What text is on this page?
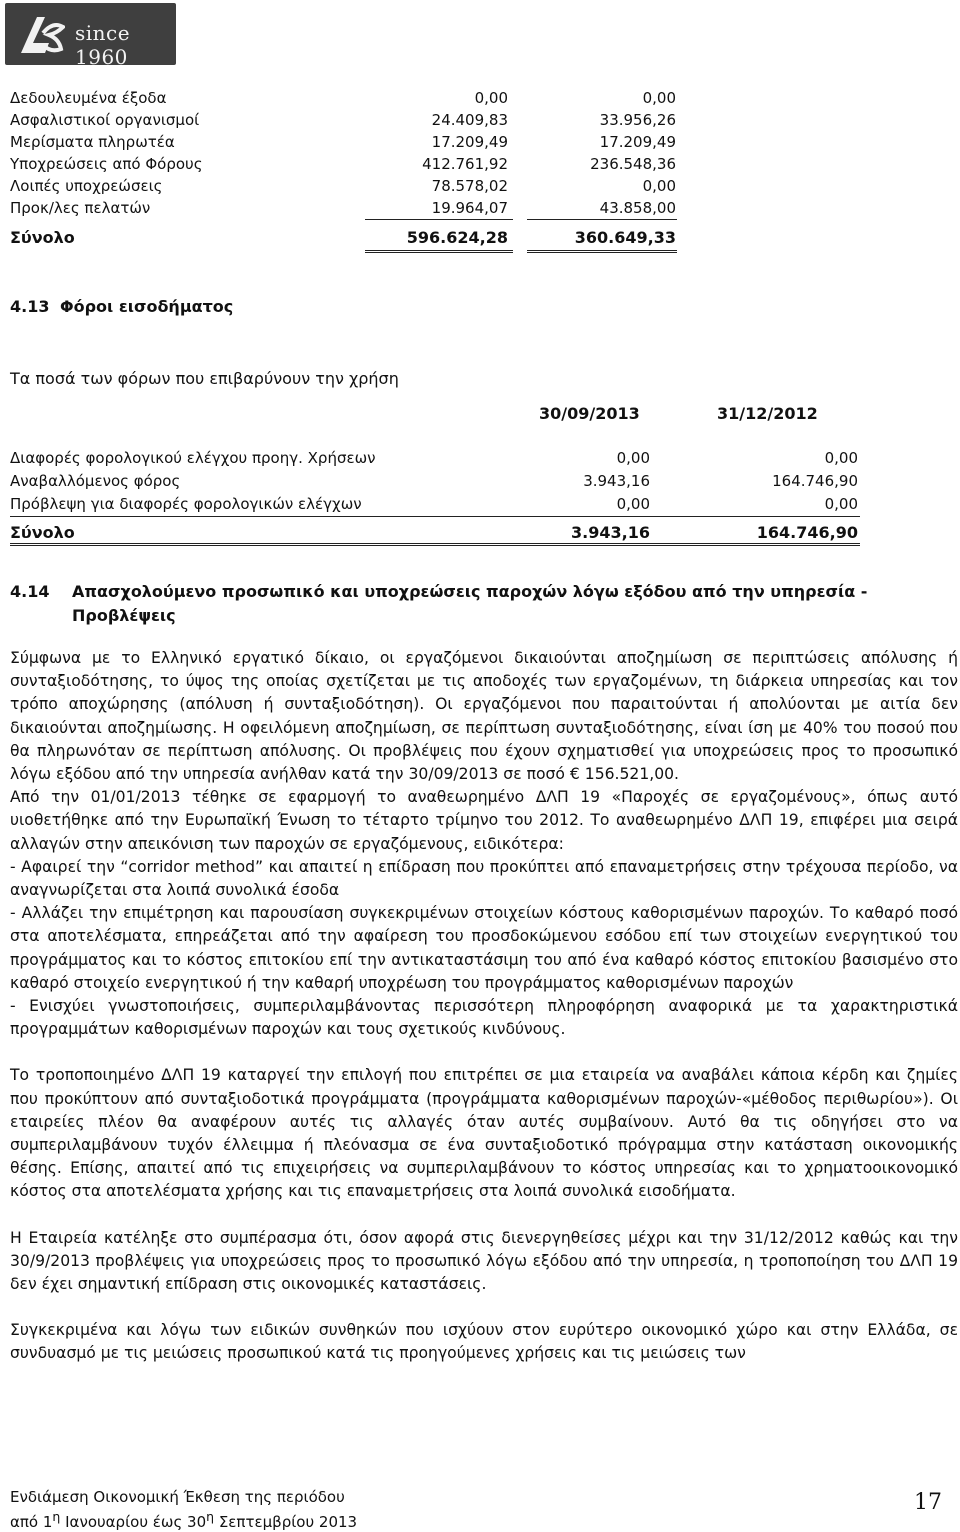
since 1960
Δεδουλευμένα έξοδα	0,00	0,00
Ασφαλιστικοί οργανισμοί	24.409,83	33.956,26
Μερίσματα πληρωτέα	17.209,49	17.209,49
Υποχρεώσεις από Φόρους	412.761,92	236.548,36
Λοιπές υποχρεώσεις	78.578,02	0,00
Προκ/λες πελατών	19.964,07	43.858,00
Σύνολο	596.624,28	360.649,33
4.13 Φόροι εισοδήματος
Τα ποσά των φόρων που επιβαρύνουν την χρήση
30/09/2013	31/12/2012
Διαφορές φορολογικού ελέγχου προηγ. Χρήσεων	0,00	0,00
Αναβαλλόμενος φόρος	3.943,16	164.746,90
Πρόβλεψη για διαφορές φορολογικών ελέγχων	0,00	0,00
Σύνολο	3.943,16	164.746,90
4.14 Απασχολούμενο προσωπικό και υποχρεώσεις παροχών λόγω εξόδου από την υπηρεσία - Προβλέψεις

Σύμφωνα με το Ελληνικό εργατικό δίκαιο, οι εργαζόμενοι δικαιούνται αποζημίωση σε περιπτώσεις απόλυσης ή συνταξιοδότησης, το ύψος της οποίας σχετίζεται με τις αποδοχές των εργαζομένων, τη διάρκεια υπηρεσίας και τον τρόπο αποχώρησης (απόλυση ή συνταξιοδότηση). Οι εργαζόμενοι που παραιτούνται ή απολύονται με αιτία δεν δικαιούνται αποζημίωσης. Η οφειλόμενη αποζημίωση, σε περίπτωση συνταξιοδότησης, είναι ίση με 40% του ποσού που θα πληρωνόταν σε περίπτωση απόλυσης. Οι προβλέψεις που έχουν σχηματισθεί για υποχρεώσεις προς το προσωπικό λόγω εξόδου από την υπηρεσία ανήλθαν κατά την 30/09/2013 σε ποσό € 156.521,00.

Από την 01/01/2013 τέθηκε σε εφαρμογή το αναθεωρημένο ΔΛΠ 19 «Παροχές σε εργαζομένους», όπως αυτό υιοθετήθηκε από την Ευρωπαϊκή Ένωση το τέταρτο τρίμηνο του 2012. Το αναθεωρημένο ΔΛΠ 19, επιφέρει μια σειρά αλλαγών στην απεικόνιση των παροχών σε εργαζόμενους, ειδικότερα:

- Αφαιρεί την “corridor method” και απαιτεί η επίδραση που προκύπτει από επαναμετρήσεις στην τρέχουσα περίοδο, να αναγνωρίζεται στα λοιπά συνολικά έσοδα

- Αλλάζει την επιμέτρηση και παρουσίαση συγκεκριμένων στοιχείων κόστους καθορισμένων παροχών. Το καθαρό ποσό στα αποτελέσματα, επηρεάζεται από την αφαίρεση του προσδοκώμενου εσόδου επί των στοιχείων ενεργητικού του προγράμματος και το κόστος επιτοκίου επί την αντικαταστάσιμη του από ένα καθαρό κόστος επιτοκίου βασισμένο στο καθαρό στοιχείο ενεργητικού ή την καθαρή υποχρέωση του προγράμματος καθορισμένων παροχών

- Ενισχύει γνωστοποιήσεις, συμπεριλαμβάνοντας περισσότερη πληροφόρηση αναφορικά με τα χαρακτηριστικά προγραμμάτων καθορισμένων παροχών και τους σχετικούς κινδύνους.

Το τροποποιημένο ΔΛΠ 19 καταργεί την επιλογή που επιτρέπει σε μια εταιρεία να αναβάλει κάποια κέρδη και ζημίες που προκύπτουν από συνταξιοδοτικά προγράμματα (προγράμματα καθορισμένων παροχών-«μέθοδος περιθωρίου»). Οι εταιρείες πλέον θα αναφέρουν αυτές τις αλλαγές όταν αυτές συμβαίνουν. Αυτό θα τις οδηγήσει στο να συμπεριλαμβάνουν τυχόν έλλειμμα ή πλεόνασμα σε ένα συνταξιοδοτικό πρόγραμμα στην κατάσταση οικονομικής θέσης. Επίσης, απαιτεί από τις επιχειρήσεις να συμπεριλαμβάνουν το κόστος υπηρεσίας και το χρηματοοικονομικό κόστος στα αποτελέσματα χρήσης και τις επαναμετρήσεις στα λοιπά συνολικά εισοδήματα.

Η Εταιρεία κατέληξε στο συμπέρασμα ότι, όσον αφορά στις διενεργηθείσες μέχρι και την 31/12/2012 καθώς και την 30/9/2013 προβλέψεις για υποχρεώσεις προς το προσωπικό λόγω εξόδου από την υπηρεσία, η τροποποίηση του ΔΛΠ 19 δεν έχει σημαντική επίδραση στις οικονομικές καταστάσεις.

Συγκεκριμένα και λόγω των ειδικών συνθηκών που ισχύουν στον ευρύτερο οικονομικό χώρο και στην Ελλάδα, σε συνδυασμό με τις μειώσεις προσωπικού κατά τις προηγούμενες χρήσεις και τις μειώσεις των

Ενδιάμεση Οικονομική Έκθεση της περιόδου
από $1^\eta$ Ιανουαρίου έως $30^\eta$ Σεπτεμβρίου 2013
17
